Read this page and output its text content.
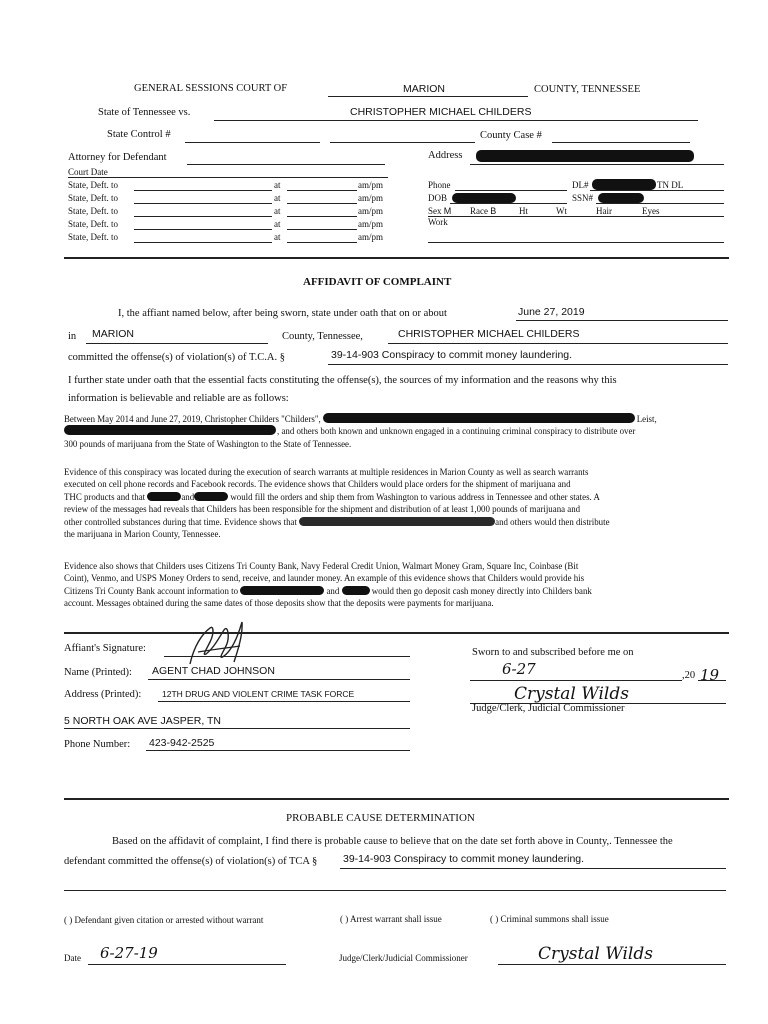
GENERAL SESSIONS COURT OF	MARION	COUNTY, TENNESSEE
State of Tennessee vs.	CHRISTOPHER MICHAEL CHILDERS
State Control #	County Case #
Attorney for Defendant	Address
Court Date
State, Deft. to	at	am/pm
State, Deft. to	at	am/pm
State, Deft. to	at	am/pm
State, Deft. to	at	am/pm
State, Deft. to	at	am/pm
Phone	DL#	TN DL
DOB	SSN#
Sex M Race B	Ht	Wt	Hair	Eyes
Work
AFFIDAVIT OF COMPLAINT
I, the affiant named below, after being sworn, state under oath that on or about	June 27, 2019
in MARION	County, Tennessee,	CHRISTOPHER MICHAEL CHILDERS
committed the offense(s) of violation(s) of T.C.A. §	39-14-903 Conspiracy to commit money laundering.
I further state under oath that the essential facts constituting the offense(s), the sources of my information and the reasons why this
information is believable and reliable are as follows:
Between May 2014 and June 27, 2019, Christopher Childers "Childers",	Leist,
, and others both known and unknown engaged in a continuing criminal conspiracy to distribute over
300 pounds of marijuana from the State of Washington to the State of Tennessee.
Evidence of this conspiracy was located during the execution of search warrants at multiple residences in Marion County as well as search warrants
executed on cell phone records and Facebook records. The evidence shows that Childers would place orders for the shipment of marijuana and
THC products and that	and	would fill the orders and ship them from Washington to various address in Tennessee and other states. A
review of the messages had reveals that Childers has been responsible for the shipment and distribution of at least 1,000 pounds of marijuana and
other controlled substances during that time. Evidence shows that	and others would then distribute
the marijuana in Marion County, Tennessee.
Evidence also shows that Childers uses Citizens Tri County Bank, Navy Federal Credit Union, Walmart Money Gram, Square Inc, Coinbase (Bit
Coint), Venmo, and USPS Money Orders to send, receive, and launder money. An example of this evidence shows that Childers would provide his
Citizens Tri County Bank account information to	and	would then go deposit cash money directly into Childers bank
account. Messages obtained during the same dates of those deposits show that the deposits were payments for marijuana.
Affiant's Signature:
Name (Printed): AGENT CHAD JOHNSON
Address (Printed): 12TH DRUG AND VIOLENT CRIME TASK FORCE
5 NORTH OAK AVE JASPER, TN
Phone Number: 423-942-2525
Sworn to and subscribed before me on
6-27	,20 19
Crystal Wilds
Judge/Clerk, Judicial Commissioner
PROBABLE CAUSE DETERMINATION
Based on the affidavit of complaint, I find there is probable cause to believe that on the date set forth above in County,. Tennessee the
defendant committed the offense(s) of violation(s) of TCA § 39-14-903 Conspiracy to commit money laundering.
( ) Defendant given citation or arrested without warrant	( ) Arrest warrant shall issue	( ) Criminal summons shall issue
Date 6-27-19	Judge/Clerk/Judicial Commissioner	Crystal Wilds
